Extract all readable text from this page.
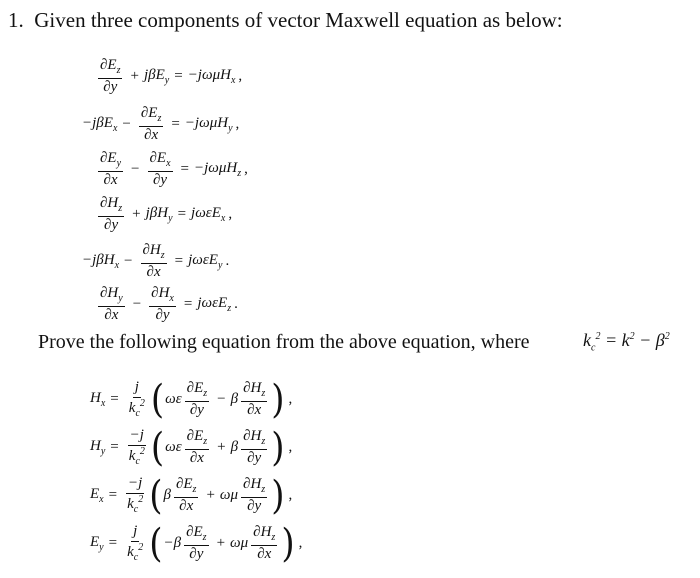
1. Given three components of vector Maxwell equation as below:
$\frac{\partial E_z}{\partial y} + j\beta E_y = -j\omega\mu H_x$ ,
$-j\beta E_x - \frac{\partial E_z}{\partial x} = -j\omega\mu H_y$ ,
$\frac{\partial E_y}{\partial x} - \frac{\partial E_x}{\partial y} = -j\omega\mu H_z$ ,
$\frac{\partial H_z}{\partial y} + j\beta H_y = j\omega\varepsilon E_x$ ,
$-j\beta H_x - \frac{\partial H_z}{\partial x} = j\omega\varepsilon E_y$ .
$\frac{\partial H_y}{\partial x} - \frac{\partial H_x}{\partial y} = j\omega\varepsilon E_z$ .
Prove the following equation from the above equation, where	$k_c^2 = k^2 - \beta^2$
$H_x = \frac{j}{k_c^2}$ ( ωε $\frac{\partial E_z}{\partial y} - \beta \frac{\partial H_z}{\partial x}$ ) ,
$H_y = \frac{-j}{k_c^2}$ ( ωε $\frac{\partial E_z}{\partial x} + \beta \frac{\partial H_z}{\partial y}$ ) ,
$E_x = \frac{-j}{k_c^2}$ ( β $\frac{\partial E_z}{\partial x} + \omega\mu \frac{\partial H_z}{\partial y}$ ) ,
$E_y = \frac{j}{k_c^2}$ ( $-\beta \frac{\partial E_z}{\partial y} + \omega\mu \frac{\partial H_z}{\partial x}$ ) ,
